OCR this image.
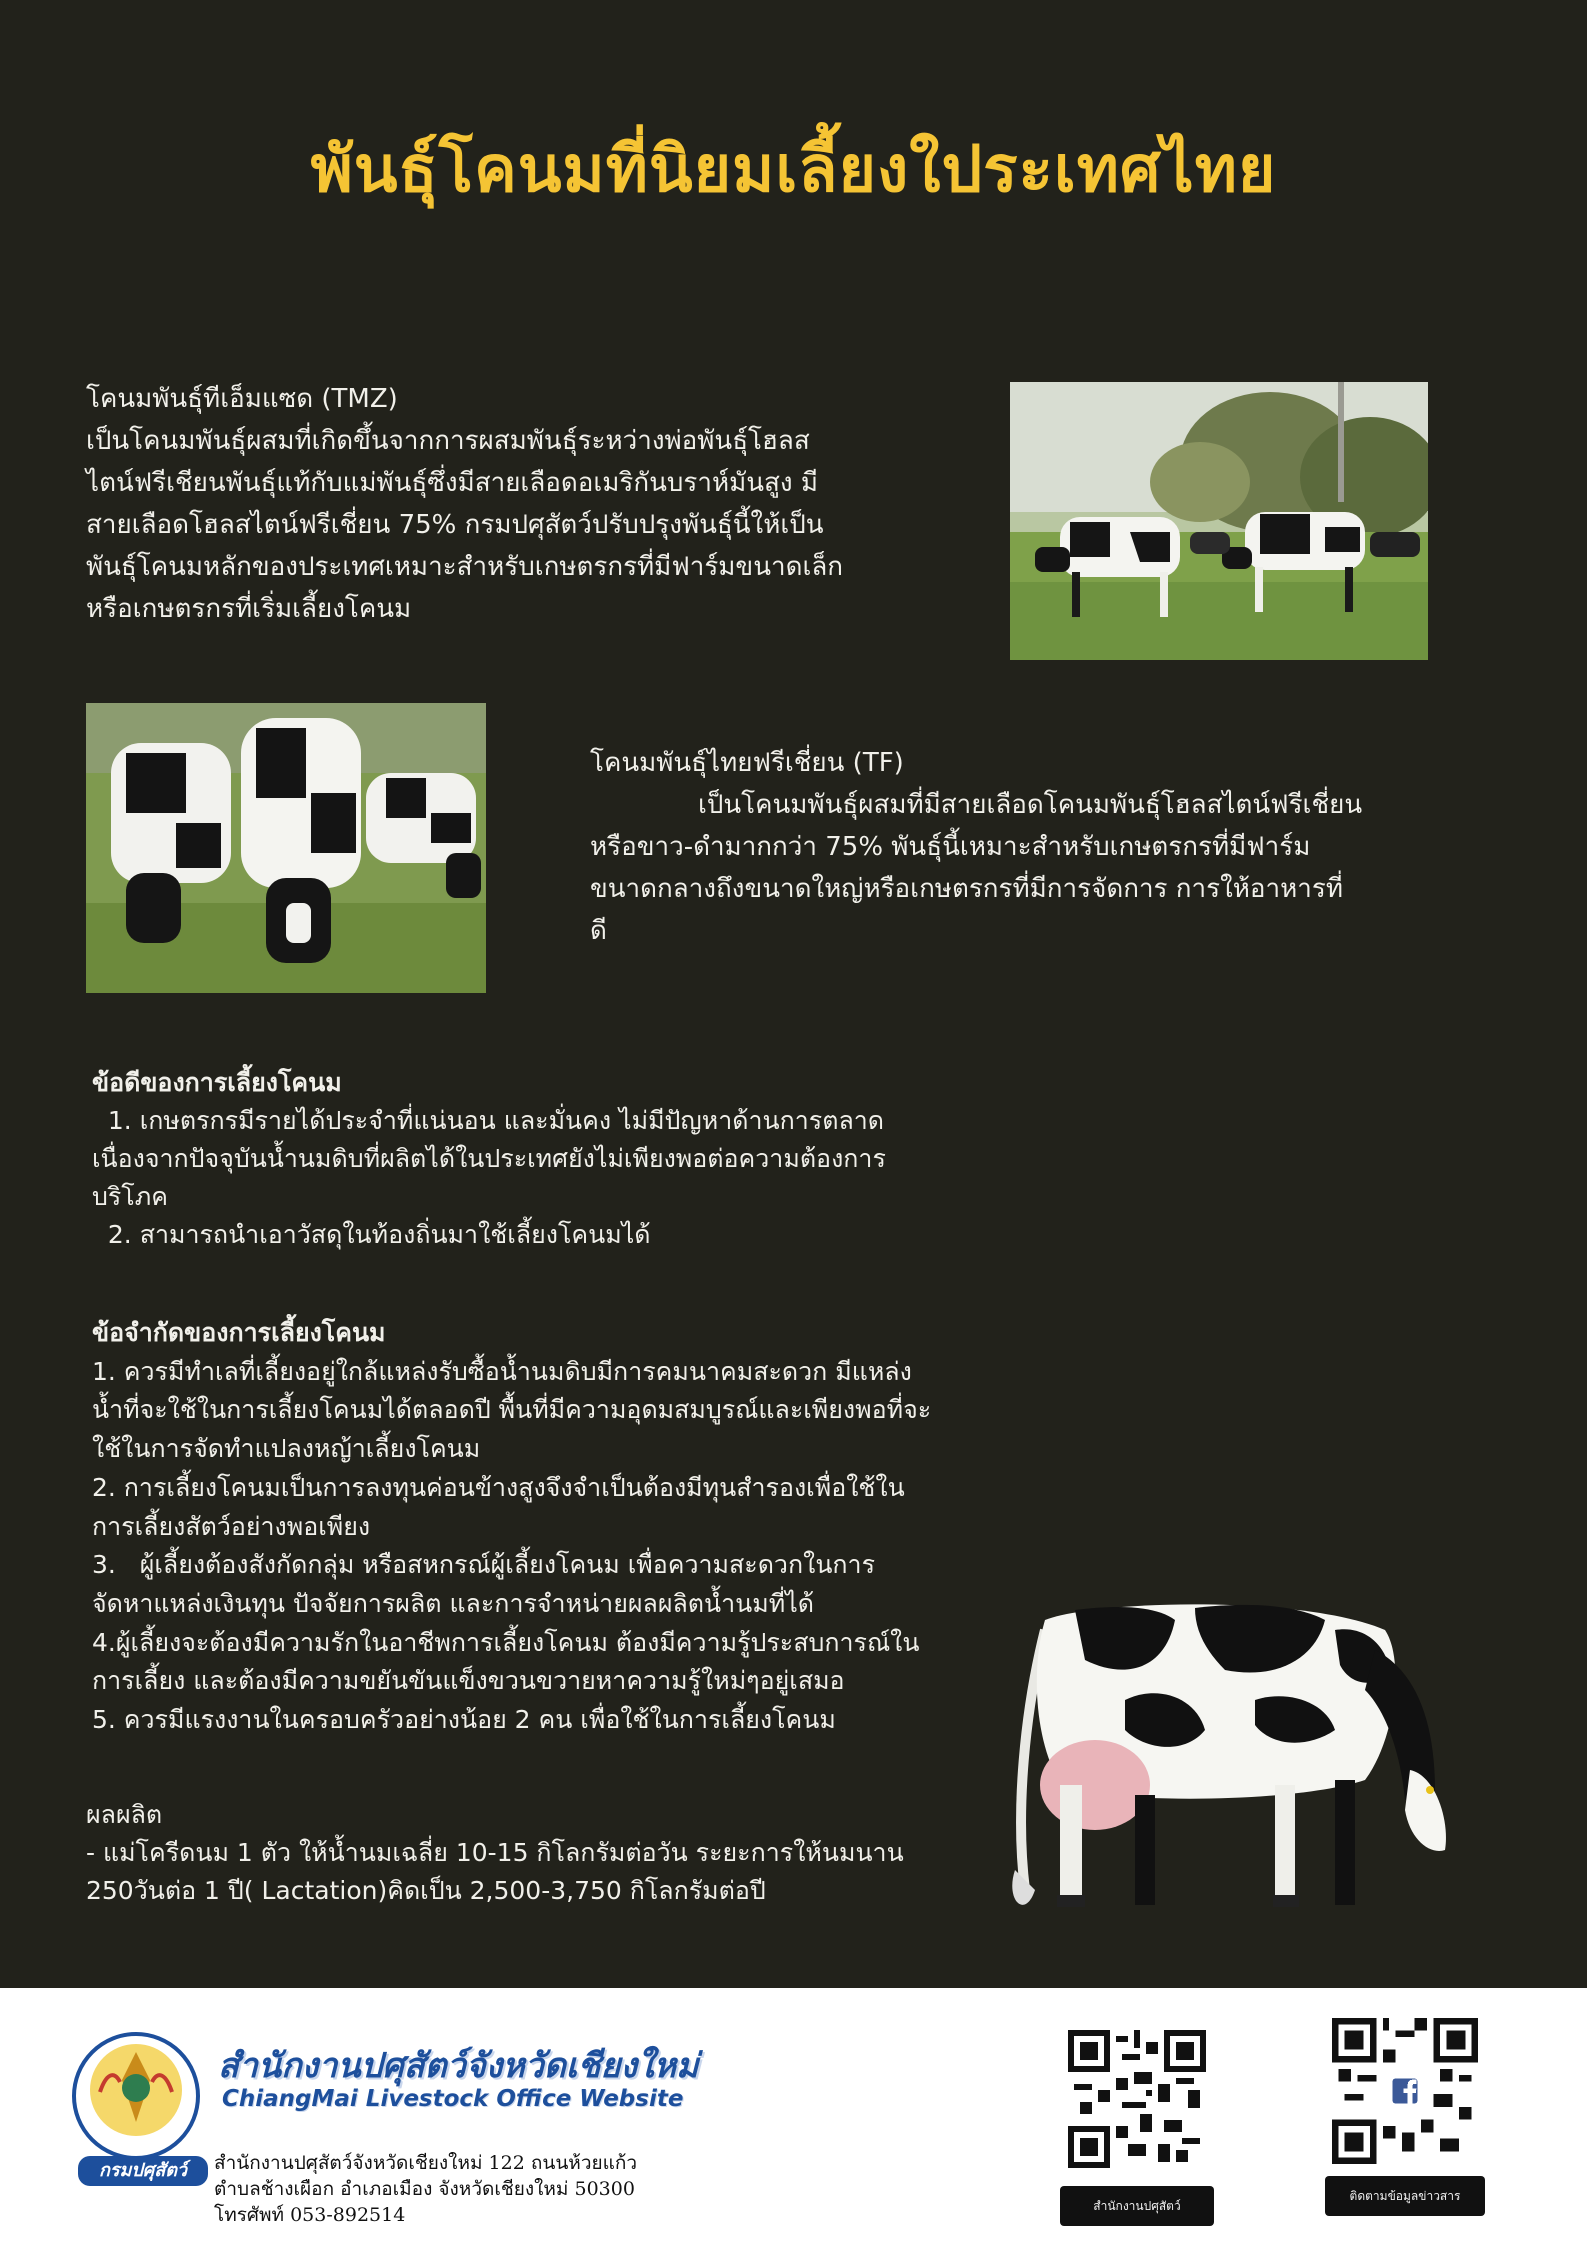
พันธุ์โคนมที่นิยมเลี้ยงใประเทศไทย
โคนมพันธุ์ทีเอ็มแซด (TMZ)
เป็นโคนมพันธุ์ผสมที่เกิดขึ้นจากการผสมพันธุ์ระหว่างพ่อพันธุ์โฮลส
ไตน์ฟรีเชียนพันธุ์แท้กับแม่พันธุ์ซึ่งมีสายเลือดอเมริกันบราห์มันสูง มี
สายเลือดโฮลสไตน์ฟรีเชี่ยน 75% กรมปศุสัตว์ปรับปรุงพันธุ์นี้ให้เป็น
พันธุ์โคนมหลักของประเทศเหมาะสำหรับเกษตรกรที่มีฟาร์มขนาดเล็ก
หรือเกษตรกรที่เริ่มเลี้ยงโคนม
โคนมพันธุ์ไทยฟรีเชี่ยน (TF)
เป็นโคนมพันธุ์ผสมที่มีสายเลือดโคนมพันธุ์โฮลสไตน์ฟรีเชี่ยน
หรือขาว-ดำมากกว่า 75% พันธุ์นี้เหมาะสำหรับเกษตรกรที่มีฟาร์ม
ขนาดกลางถึงขนาดใหญ่หรือเกษตรกรที่มีการจัดการ การให้อาหารที่
ดี
ข้อดีของการเลี้ยงโคนม
1. เกษตรกรมีรายได้ประจำที่แน่นอน และมั่นคง ไม่มีปัญหาด้านการตลาด
เนื่องจากปัจจุบันน้ำนมดิบที่ผลิตได้ในประเทศยังไม่เพียงพอต่อความต้องการ
บริโภค
2. สามารถนำเอาวัสดุในท้องถิ่นมาใช้เลี้ยงโคนมได้
ข้อจำกัดของการเลี้ยงโคนม
1. ควรมีทำเลที่เลี้ยงอยู่ใกล้แหล่งรับซื้อน้ำนมดิบมีการคมนาคมสะดวก มีแหล่ง
น้ำที่จะใช้ในการเลี้ยงโคนมได้ตลอดปี พื้นที่มีความอุดมสมบูรณ์และเพียงพอที่จะ
ใช้ในการจัดทำแปลงหญ้าเลี้ยงโคนม
2. การเลี้ยงโคนมเป็นการลงทุนค่อนข้างสูงจึงจำเป็นต้องมีทุนสำรองเพื่อใช้ใน
การเลี้ยงสัตว์อย่างพอเพียง
3.   ผู้เลี้ยงต้องสังกัดกลุ่ม หรือสหกรณ์ผู้เลี้ยงโคนม เพื่อความสะดวกในการ
จัดหาแหล่งเงินทุน ปัจจัยการผลิต และการจำหน่ายผลผลิตน้ำนมที่ได้
4.ผู้เลี้ยงจะต้องมีความรักในอาชีพการเลี้ยงโคนม ต้องมีความรู้ประสบการณ์ใน
การเลี้ยง และต้องมีความขยันขันแข็งขวนขวายหาความรู้ใหม่ๆอยู่เสมอ
5. ควรมีแรงงานในครอบครัวอย่างน้อย 2 คน เพื่อใช้ในการเลี้ยงโคนม
ผลผลิต
- แม่โครีดนม 1 ตัว ให้น้ำนมเฉลี่ย 10-15 กิโลกรัมต่อวัน ระยะการให้นมนาน
250วันต่อ 1 ปี( Lactation)คิดเป็น 2,500-3,750 กิโลกรัมต่อปี
กรมปศุสัตว์
สำนักงานปศุสัตว์จังหวัดเชียงใหม่
ChiangMai Livestock Office Website
สำนักงานปศุสัตว์จังหวัดเชียงใหม่ 122 ถนนห้วยแก้ว
ตำบลช้างเผือก อำเภอเมือง จังหวัดเชียงใหม่ 50300
โทรศัพท์ 053-892514	สำนักงานปศุสัตว์
ติดตามข้อมูลข่าวสาร
